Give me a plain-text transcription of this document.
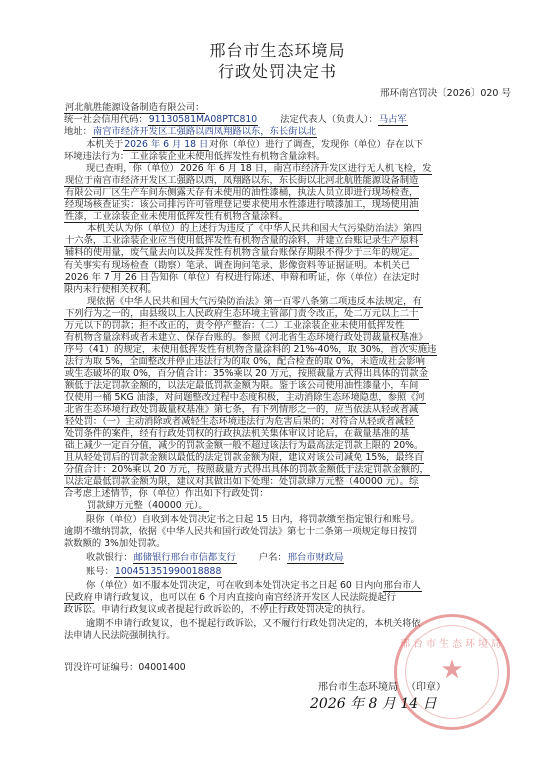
邢台市生态环境局
行政处罚决定书
邢环南宫罚决〔2026〕020 号
河北航胜能源设备制造有限公司：
统一社会信用代码：91130581MA08PTC810 法定代表人（负责人）：马占军
地址：南宫市经济开发区工强路以西凤翔路以东，东长街以北
本机关于2026 年 6 月 18 日对你（单位）进行了调查，发现你（单位）存在以下
环境违法行为：工业涂装企业未使用低挥发性有机物含量涂料。
现已查明，你（单位）2026 年 6 月 18 日，南宫市经济开发区进行无人机飞检，发
现位于南宫市经济开发区工强路以西，凤翔路以东，东长街以北河北航胜能源设备制造
有限公司厂区生产车间东侧露天存有未使用的油性漆桶，执法人员立即进行现场检查，
经现场核查证实：该公司排污许可管理登记要求使用水性漆进行喷漆加工，现场使用油
性漆，工业涂装企业未使用低挥发性有机物含量涂料。
本机关认为你（单位）的上述行为违反了《中华人民共和国大气污染防治法》第四
十六条，工业涂装企业应当使用低挥发性有机物含量的涂料，并建立台账记录生产原料
辅料的使用量，废气量去向以及挥发性有机物含量台账保存期限不得少于三年的规定。
有关事实有现场检查（勘察）笔录、调查询问笔录、影像资料等证据证明。本机关已
2026 年 7 月 26 日告知你（单位）有权进行陈述、申辩和听证，你（单位）在法定时
限内未行使相关权利。
现依据《中华人民共和国大气污染防治法》第一百零八条第二项违反本法规定，有
下列行为之一的，由县级以上人民政府生态环境主管部门责令改正，处二万元以上二十
万元以下的罚款；拒不改正的，责令停产整治：（二）工业涂装企业未使用低挥发性
有机物含量涂料或者未建立、保存台账的。参照《河北省生态环境行政处罚裁量权基准》
序号（41）的规定，未使用低挥发性有机物含量涂料的 21%-40%，取 30%，首次实施违
法行为取 5%，全面整改并停止违法行为的取 0%，配合检查的取 0%，未造成社会影响
或生态破坏的取 0%，百分值合计：35%乘以 20 万元，按照裁量方式得出具体的罚款金
额低于法定罚款金额的，以法定最低罚款金额为限。鉴于该公司使用油性漆量小，车间
仅使用一桶 5KG 油漆，对问题整改过程中态度积极，主动消除生态环境隐患，参照《河
北省生态环境行政处罚裁量权基准》第七条，有下列情形之一的，应当依法从轻或者减
轻处罚：（一）主动消除或者减轻生态环境违法行为危害后果的；对符合从轻或者减轻
处罚条件的案件，经有行政处罚权的行政执法机关集体审议讨论后，在裁量基准的基
础上减少一定百分值，减少的罚款金额一般不超过该法行为最高法定罚款上限的 20%。
且从轻处罚后的罚款金额以最低的法定罚款金额为限，建议对该公司减免 15%，最终百
分值合计：20%乘以 20 万元，按照裁量方式得出具体的罚款金额低于法定罚款金额的，
以法定最低罚款金额为限，建议对其做出如下处理：处罚款肆万元整（40000 元）。综
合考虑上述情节，你（单位）作出如下行政处罚：
罚款肆万元整（40000 元）。
限你（单位）自收到本处罚决定书之日起 15 日内，将罚款缴至指定银行和账号。
逾期不缴纳罚款，依据《中华人民共和国行政处罚法》第七十二条第一项规定每日按罚
款数额的 3%加处罚款。
收款银行：邮储银行邢台市信都支行 户名：邢台市财政局
账号：100451351990018888
你（单位）如不服本处罚决定，可在收到本处罚决定书之日起 60 日内向邢台市人
民政府申请行政复议，也可以在 6 个月内直接向南宫经济开发区人民法院提起行
政诉讼。申请行政复议或者提起行政诉讼的，不停止行政处罚决定的执行。
逾期不申请行政复议，也不提起行政诉讼，又不履行行政处罚决定的，本机关将依
法申请人民法院强制执行。
罚没许可证编号：04001400
邢台市生态环境局
★
邢台市生态环境局 （印章）
2026 年 8 月 14 日
